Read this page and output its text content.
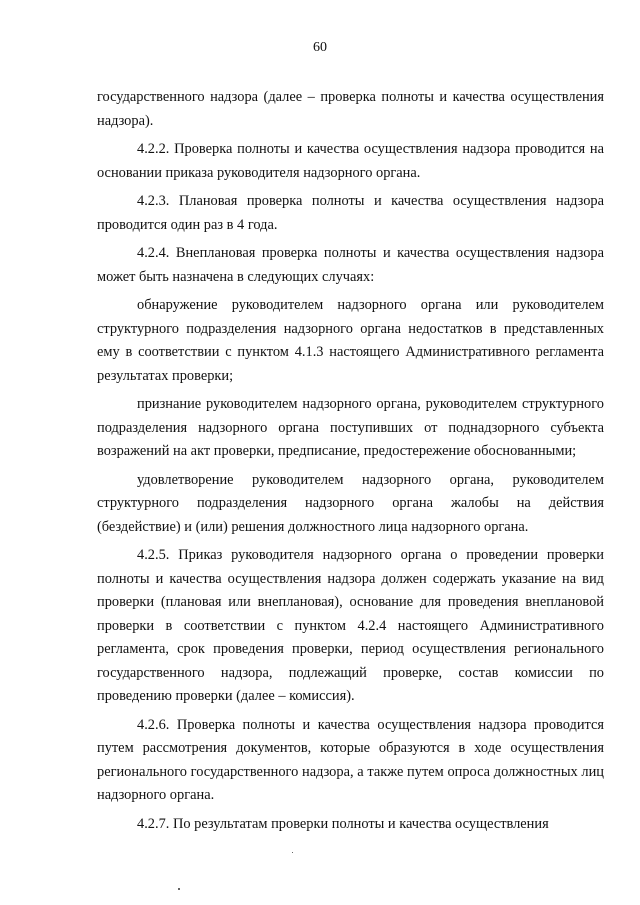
60

государственного надзора (далее – проверка полноты и качества осуществления надзора).

4.2.2. Проверка полноты и качества осуществления надзора проводится на основании приказа руководителя надзорного органа.

4.2.3. Плановая проверка полноты и качества осуществления надзора проводится один раз в 4 года.

4.2.4. Внеплановая проверка полноты и качества осуществления надзора может быть назначена в следующих случаях:

обнаружение руководителем надзорного органа или руководителем структурного подразделения надзорного органа недостатков в представленных ему в соответствии с пунктом 4.1.3 настоящего Административного регламента результатах проверки;

признание руководителем надзорного органа, руководителем структурного подразделения надзорного органа поступивших от поднадзорного субъекта возражений на акт проверки, предписание, предостережение обоснованными;

удовлетворение руководителем надзорного органа, руководителем структурного подразделения надзорного органа жалобы на действия (бездействие) и (или) решения должностного лица надзорного органа.

4.2.5. Приказ руководителя надзорного органа о проведении проверки полноты и качества осуществления надзора должен содержать указание на вид проверки (плановая или внеплановая), основание для проведения внеплановой проверки в соответствии с пунктом 4.2.4 настоящего Административного регламента, срок проведения проверки, период осуществления регионального государственного надзора, подлежащий проверке, состав комиссии по проведению проверки (далее – комиссия).

4.2.6. Проверка полноты и качества осуществления надзора проводится путем рассмотрения документов, которые образуются в ходе осуществления регионального государственного надзора, а также путем опроса должностных лиц надзорного органа.

4.2.7. По результатам проверки полноты и качества осуществления
